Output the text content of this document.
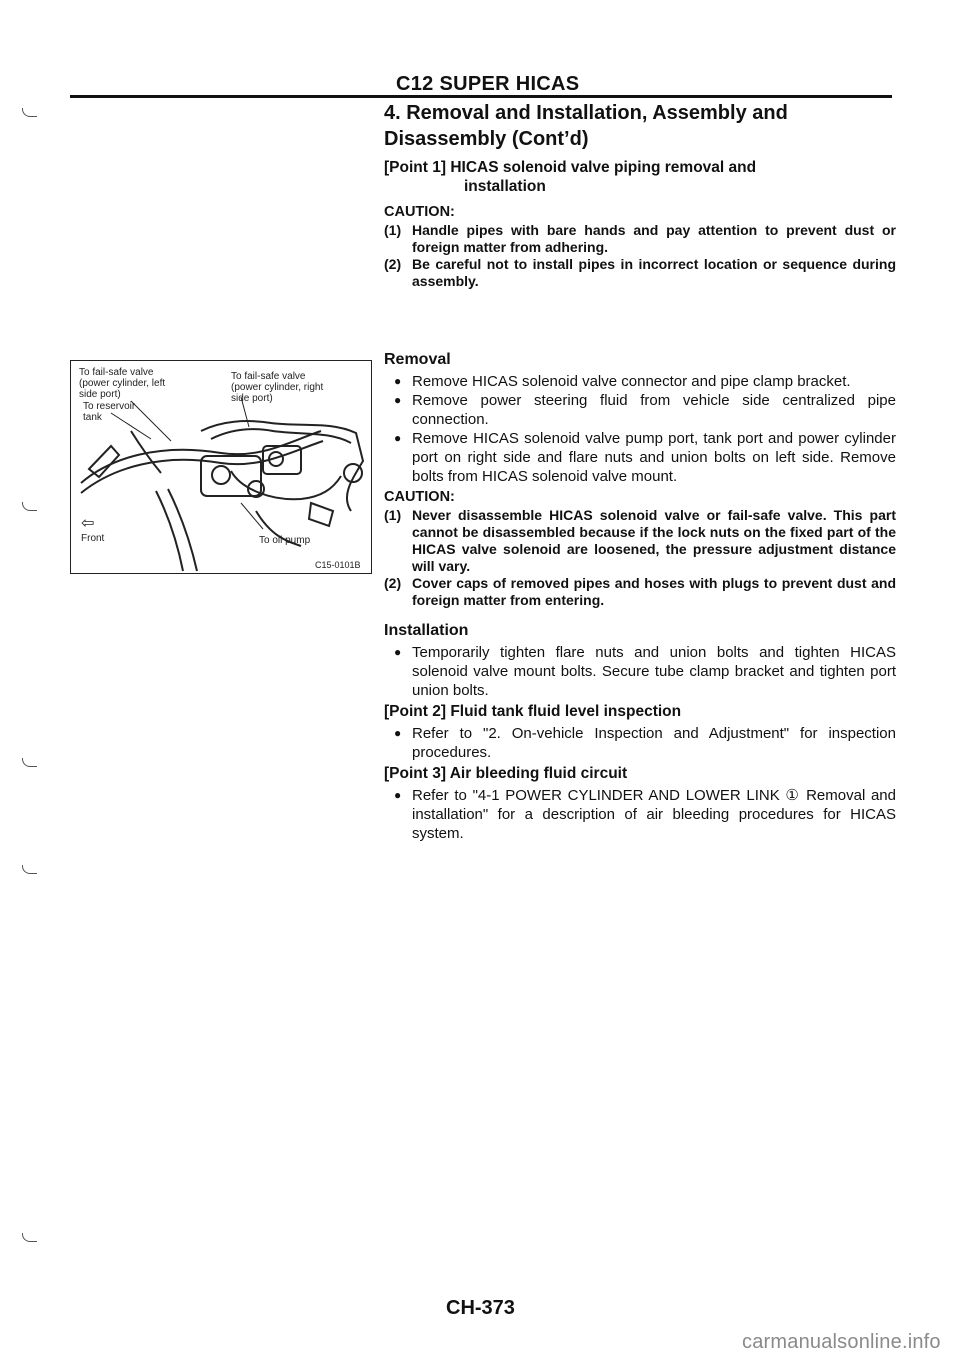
C12 SUPER HICAS
To fail-safe valve
(power cylinder, left
side port)
To fail-safe valve
(power cylinder, right
side port)
To reservoir
tank
⇦
Front	To oil pump
C15-0101B
4. Removal and Installation, Assembly and
Disassembly (Cont’d)
[Point 1] HICAS solenoid valve piping removal and
installation
CAUTION:
(1) Handle pipes with bare hands and pay attention to prevent dust or foreign matter from adhering.
(2) Be careful not to install pipes in incorrect location or sequence during assembly.
Removal
● Remove HICAS solenoid valve connector and pipe clamp bracket.
● Remove power steering fluid from vehicle side centralized pipe connection.
● Remove HICAS solenoid valve pump port, tank port and power cylinder port on right side and flare nuts and union bolts on left side. Remove bolts from HICAS solenoid valve mount.
CAUTION:
(1) Never disassemble HICAS solenoid valve or fail-safe valve. This part cannot be disassembled because if the lock nuts on the fixed part of the HICAS valve solenoid are loosened, the pressure adjustment distance will vary.
(2) Cover caps of removed pipes and hoses with plugs to prevent dust and foreign matter from entering.
Installation
● Temporarily tighten flare nuts and union bolts and tighten HICAS solenoid valve mount bolts. Secure tube clamp bracket and tighten port union bolts.
[Point 2] Fluid tank fluid level inspection
● Refer to "2. On-vehicle Inspection and Adjustment" for inspection procedures.
[Point 3] Air bleeding fluid circuit
● Refer to "4-1 POWER CYLINDER AND LOWER LINK ① Removal and installation" for a description of air bleeding procedures for HICAS system.
CH-373
carmanualsonline.info
